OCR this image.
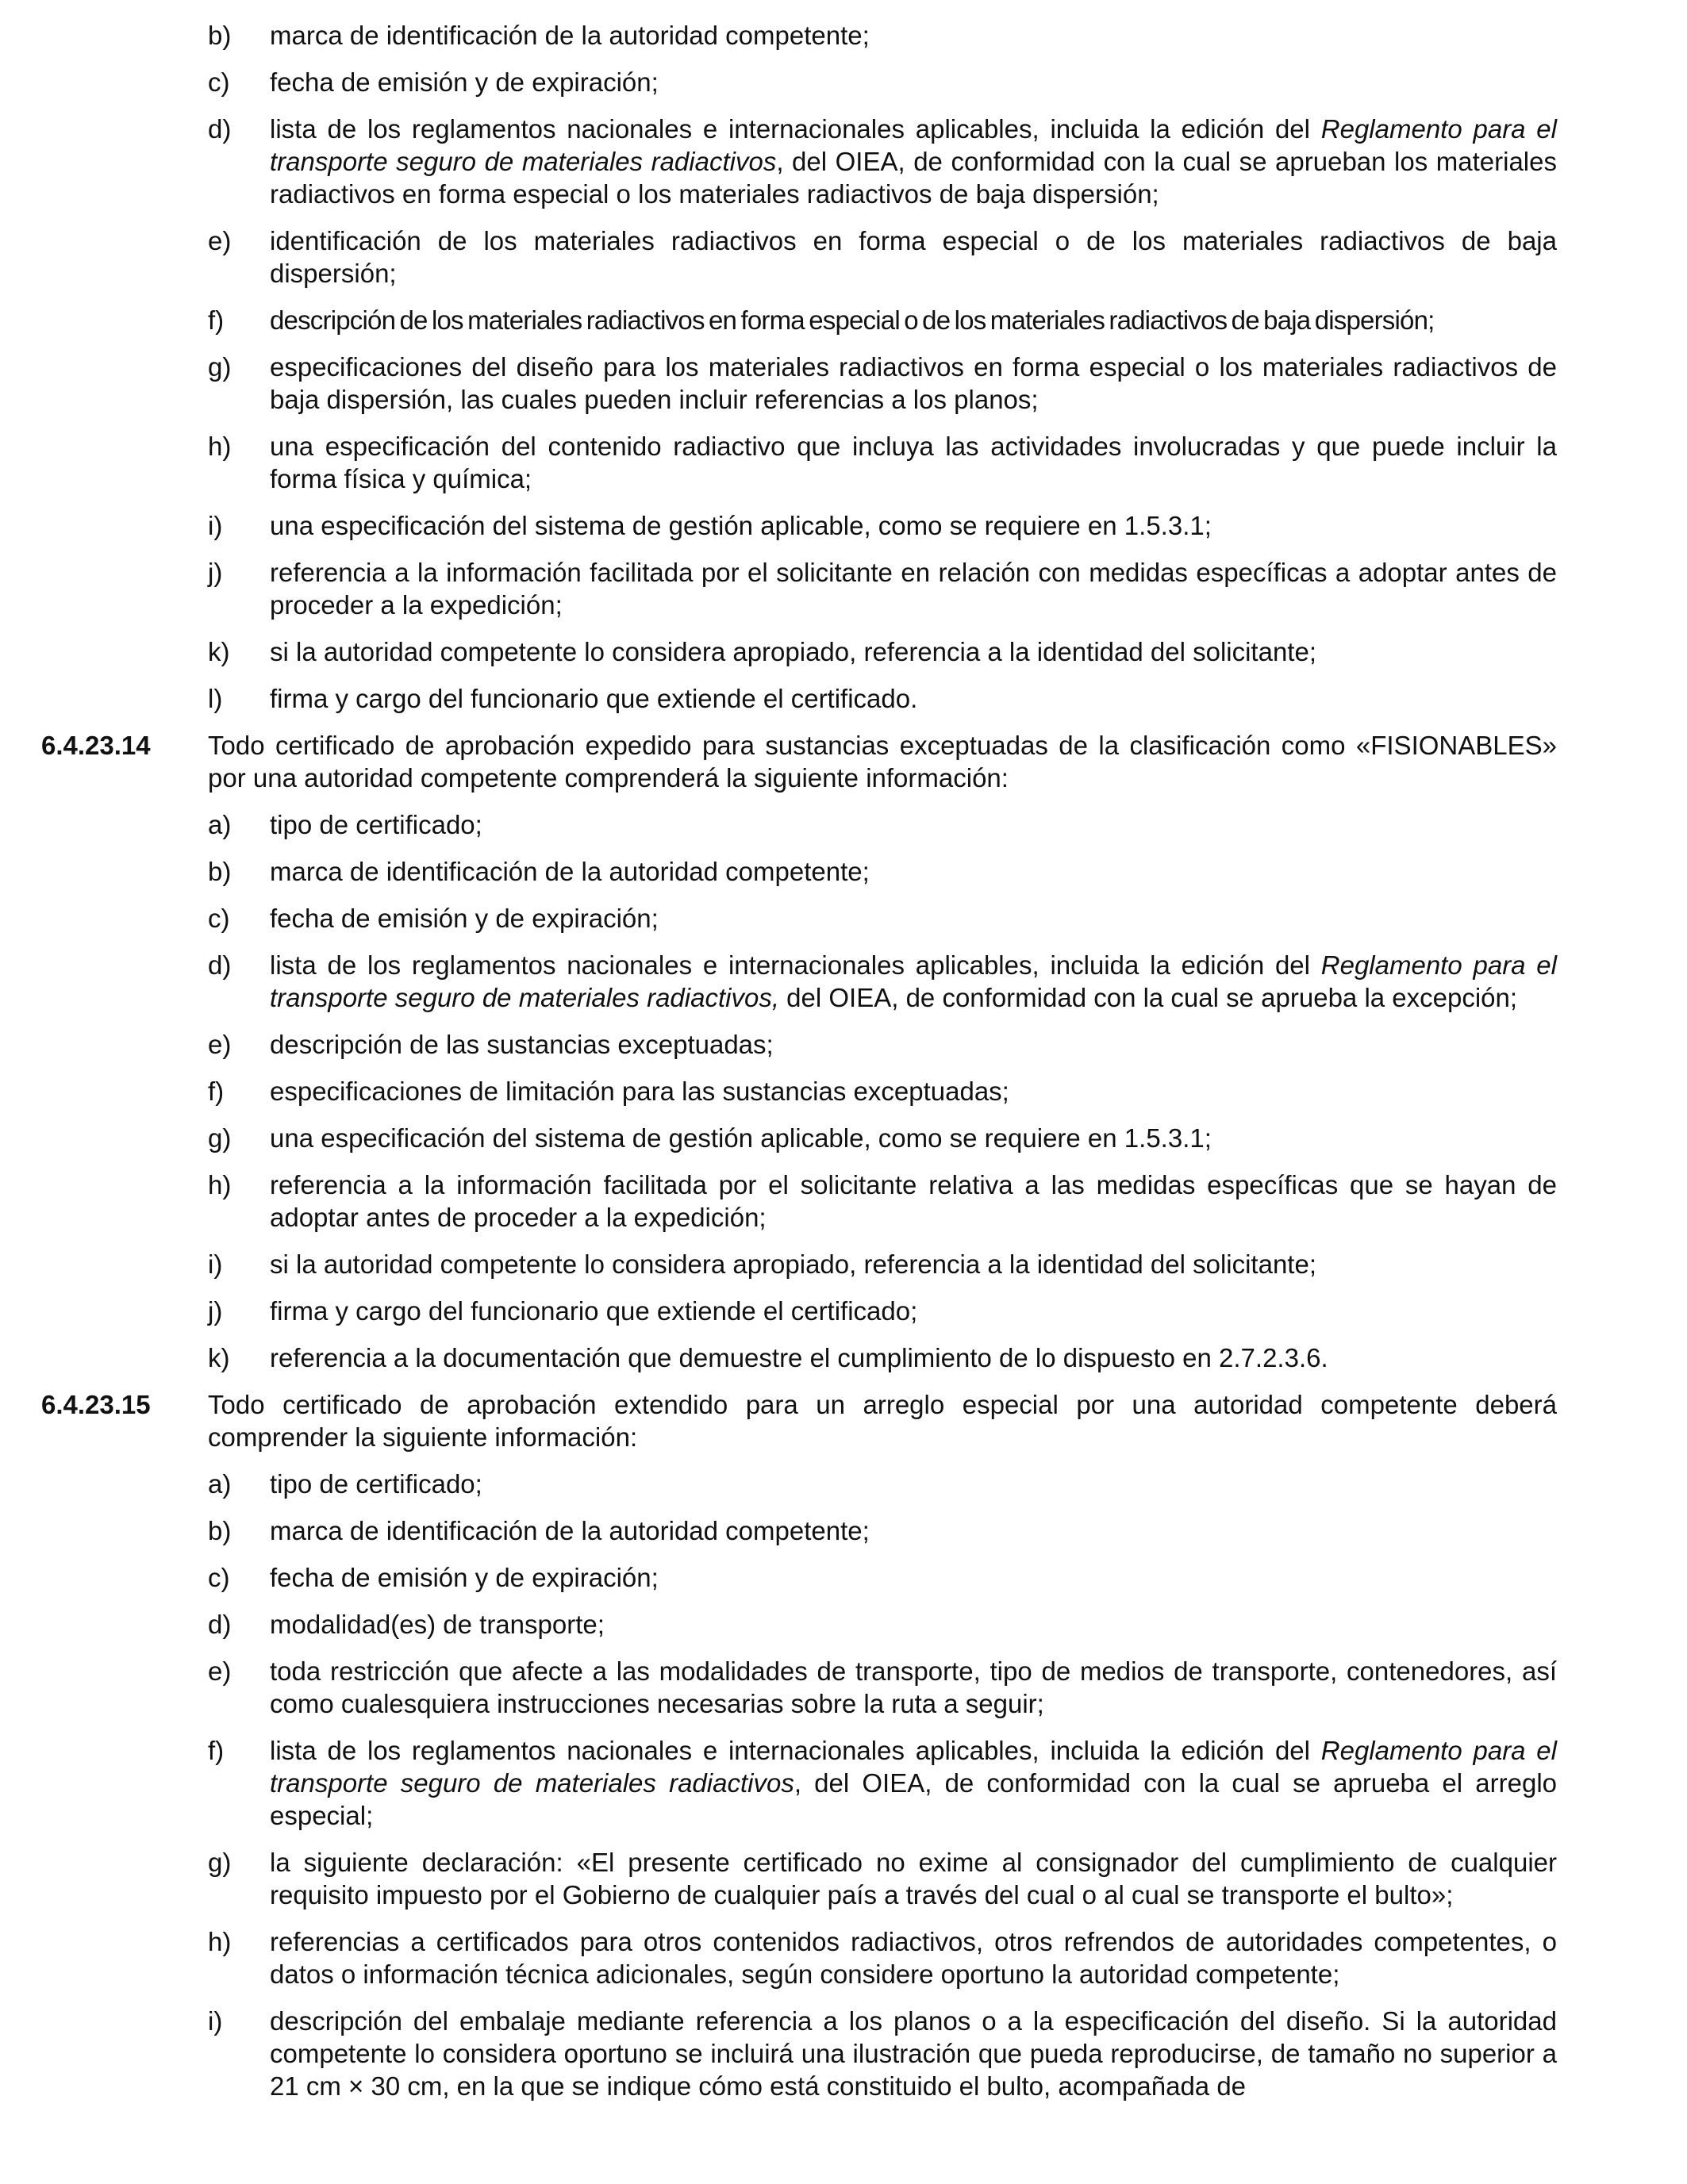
b)	marca de identificación de la autoridad competente;
c)	fecha de emisión y de expiración;
d)	lista de los reglamentos nacionales e internacionales aplicables, incluida la edición del Reglamento para el transporte seguro de materiales radiactivos, del OIEA, de conformidad con la cual se aprueban los materiales radiactivos en forma especial o los materiales radiactivos de baja dispersión;
e)	identificación de los materiales radiactivos en forma especial o de los materiales radiactivos de baja dispersión;
f)	descripción de los materiales radiactivos en forma especial o de los materiales radiactivos de baja dispersión;
g)	especificaciones del diseño para los materiales radiactivos en forma especial o los materiales radiactivos de baja dispersión, las cuales pueden incluir referencias a los planos;
h)	una especificación del contenido radiactivo que incluya las actividades involucradas y que puede incluir la forma física y química;
i)	una especificación del sistema de gestión aplicable, como se requiere en 1.5.3.1;
j)	referencia a la información facilitada por el solicitante en relación con medidas específicas a adoptar antes de proceder a la expedición;
k)	si la autoridad competente lo considera apropiado, referencia a la identidad del solicitante;
l)	firma y cargo del funcionario que extiende el certificado.
6.4.23.14	Todo certificado de aprobación expedido para sustancias exceptuadas de la clasificación como «FISIONABLES» por una autoridad competente comprenderá la siguiente información:
a)	tipo de certificado;
b)	marca de identificación de la autoridad competente;
c)	fecha de emisión y de expiración;
d)	lista de los reglamentos nacionales e internacionales aplicables, incluida la edición del Reglamento para el transporte seguro de materiales radiactivos, del OIEA, de conformidad con la cual se aprueba la excepción;
e)	descripción de las sustancias exceptuadas;
f)	especificaciones de limitación para las sustancias exceptuadas;
g)	una especificación del sistema de gestión aplicable, como se requiere en 1.5.3.1;
h)	referencia a la información facilitada por el solicitante relativa a las medidas específicas que se hayan de adoptar antes de proceder a la expedición;
i)	si la autoridad competente lo considera apropiado, referencia a la identidad del solicitante;
j)	firma y cargo del funcionario que extiende el certificado;
k)	referencia a la documentación que demuestre el cumplimiento de lo dispuesto en 2.7.2.3.6.
6.4.23.15	Todo certificado de aprobación extendido para un arreglo especial por una autoridad competente deberá comprender la siguiente información:
a)	tipo de certificado;
b)	marca de identificación de la autoridad competente;
c)	fecha de emisión y de expiración;
d)	modalidad(es) de transporte;
e)	toda restricción que afecte a las modalidades de transporte, tipo de medios de transporte, contenedores, así como cualesquiera instrucciones necesarias sobre la ruta a seguir;
f)	lista de los reglamentos nacionales e internacionales aplicables, incluida la edición del Reglamento para el transporte seguro de materiales radiactivos, del OIEA, de conformidad con la cual se aprueba el arreglo especial;
g)	la siguiente declaración: «El presente certificado no exime al consignador del cumplimiento de cualquier requisito impuesto por el Gobierno de cualquier país a través del cual o al cual se transporte el bulto»;
h)	referencias a certificados para otros contenidos radiactivos, otros refrendos de autoridades competentes, o datos o información técnica adicionales, según considere oportuno la autoridad competente;
i)	descripción del embalaje mediante referencia a los planos o a la especificación del diseño. Si la autoridad competente lo considera oportuno se incluirá una ilustración que pueda reproducirse, de tamaño no superior a 21 cm × 30 cm, en la que se indique cómo está constituido el bulto, acompañada de
